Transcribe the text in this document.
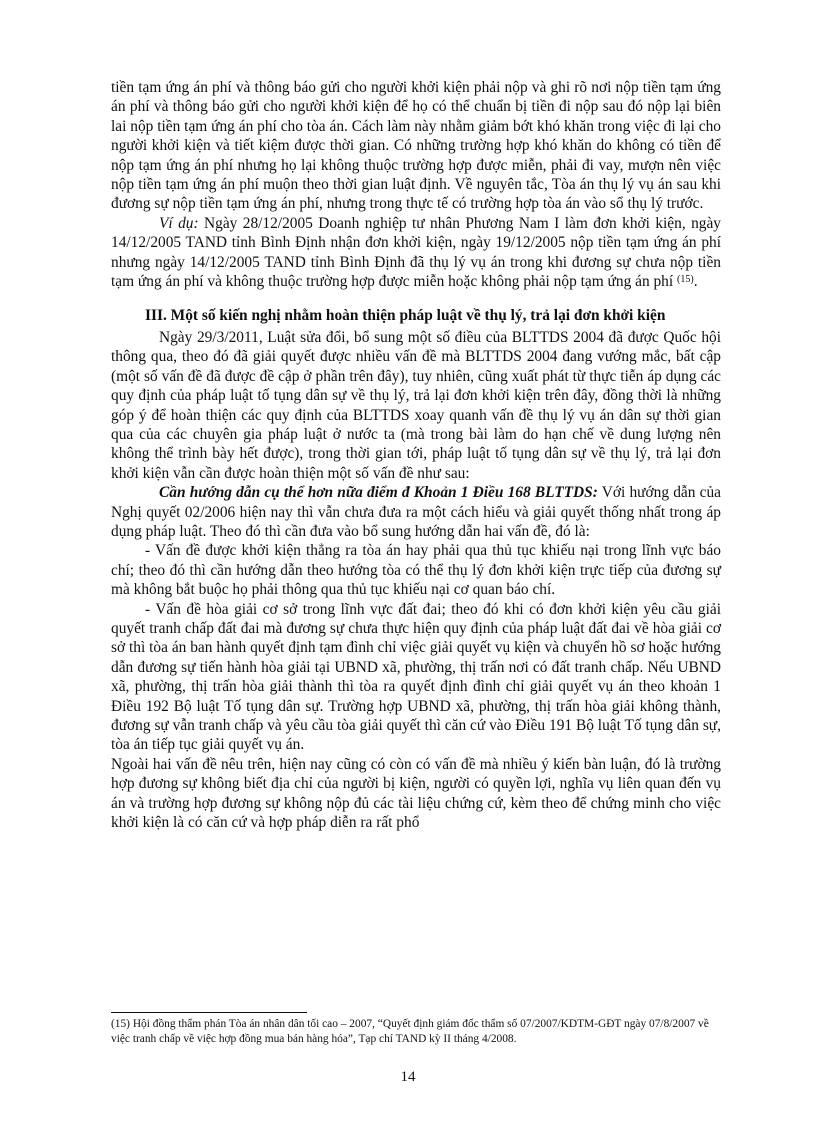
tiền tạm ứng án phí và thông báo gửi cho người khởi kiện phải nộp và ghi rõ nơi nộp tiền tạm ứng án phí và thông báo gửi cho người khởi kiện để họ có thể chuẩn bị tiền đi nộp sau đó nộp lại biên lai nộp tiền tạm ứng án phí cho tòa án. Cách làm này nhằm giảm bớt khó khăn trong việc đi lại cho người khởi kiện và tiết kiệm được thời gian. Có những trường hợp khó khăn do không có tiền để nộp tạm ứng án phí nhưng họ lại không thuộc trường hợp được miễn, phải đi vay, mượn nên việc nộp tiền tạm ứng án phí muộn theo thời gian luật định. Về nguyên tắc, Tòa án thụ lý vụ án sau khi đương sự nộp tiền tạm ứng án phí, nhưng trong thực tế có trường hợp tòa án vào sổ thụ lý trước.

Ví dụ: Ngày 28/12/2005 Doanh nghiệp tư nhân Phương Nam I làm đơn khởi kiện, ngày 14/12/2005 TAND tỉnh Bình Định nhận đơn khởi kiện, ngày 19/12/2005 nộp tiền tạm ứng án phí nhưng ngày 14/12/2005 TAND tỉnh Bình Định đã thụ lý vụ án trong khi đương sự chưa nộp tiền tạm ứng án phí và không thuộc trường hợp được miễn hoặc không phải nộp tạm ứng án phí $^{(15)}$.

III. Một số kiến nghị nhằm hoàn thiện pháp luật về thụ lý, trả lại đơn khởi kiện

Ngày 29/3/2011, Luật sửa đổi, bổ sung một số điều của BLTTDS 2004 đã được Quốc hội thông qua, theo đó đã giải quyết được nhiều vấn đề mà BLTTDS 2004 đang vướng mắc, bất cập (một số vấn đề đã được đề cập ở phần trên đây), tuy nhiên, cũng xuất phát từ thực tiễn áp dụng các quy định của pháp luật tố tụng dân sự về thụ lý, trả lại đơn khởi kiện trên đây, đồng thời là những góp ý để hoàn thiện các quy định của BLTTDS xoay quanh vấn đề thụ lý vụ án dân sự thời gian qua của các chuyên gia pháp luật ở nước ta (mà trong bài làm do hạn chế về dung lượng nên không thể trình bày hết được), trong thời gian tới, pháp luật tố tụng dân sự về thụ lý, trả lại đơn khởi kiện vẫn cần được hoàn thiện một số vấn đề như sau:

Cần hướng dẫn cụ thể hơn nữa điểm đ Khoản 1 Điều 168 BLTTDS: Với hướng dẫn của Nghị quyết 02/2006 hiện nay thì vẫn chưa đưa ra một cách hiểu và giải quyết thống nhất trong áp dụng pháp luật. Theo đó thì cần đưa vào bổ sung hướng dẫn hai vấn đề, đó là:

- Vấn đề được khởi kiện thẳng ra tòa án hay phải qua thủ tục khiếu nại trong lĩnh vực báo chí; theo đó thì cần hướng dẫn theo hướng tòa có thể thụ lý đơn khởi kiện trực tiếp của đương sự mà không bắt buộc họ phải thông qua thủ tục khiếu nại cơ quan báo chí.

- Vấn đề hòa giải cơ sở trong lĩnh vực đất đai; theo đó khi có đơn khởi kiện yêu cầu giải quyết tranh chấp đất đai mà đương sự chưa thực hiện quy định của pháp luật đất đai về hòa giải cơ sở thì tòa án ban hành quyết định tạm đình chỉ việc giải quyết vụ kiện và chuyển hồ sơ hoặc hướng dẫn đương sự tiến hành hòa giải tại UBND xã, phường, thị trấn nơi có đất tranh chấp. Nếu UBND xã, phường, thị trấn hòa giải thành thì tòa ra quyết định đình chỉ giải quyết vụ án theo khoản 1 Điều 192 Bộ luật Tố tụng dân sự. Trường hợp UBND xã, phường, thị trấn hòa giải không thành, đương sự vẫn tranh chấp và yêu cầu tòa giải quyết thì căn cứ vào Điều 191 Bộ luật Tố tụng dân sự, tòa án tiếp tục giải quyết vụ án.

Ngoài hai vấn đề nêu trên, hiện nay cũng có còn có vấn đề mà nhiều ý kiến bàn luận, đó là trường hợp đương sự không biết địa chỉ của người bị kiện, người có quyền lợi, nghĩa vụ liên quan đến vụ án và trường hợp đương sự không nộp đủ các tài liệu chứng cứ, kèm theo để chứng minh cho việc khởi kiện là có căn cứ và hợp pháp diễn ra rất phổ

(15) Hội đồng thẩm phán Tòa án nhân dân tối cao – 2007, “Quyết định giám đốc thẩm số 07/2007/KDTM-GĐT ngày 07/8/2007 về việc tranh chấp về việc hợp đồng mua bán hàng hóa”, Tạp chí TAND kỳ II tháng 4/2008.
14
